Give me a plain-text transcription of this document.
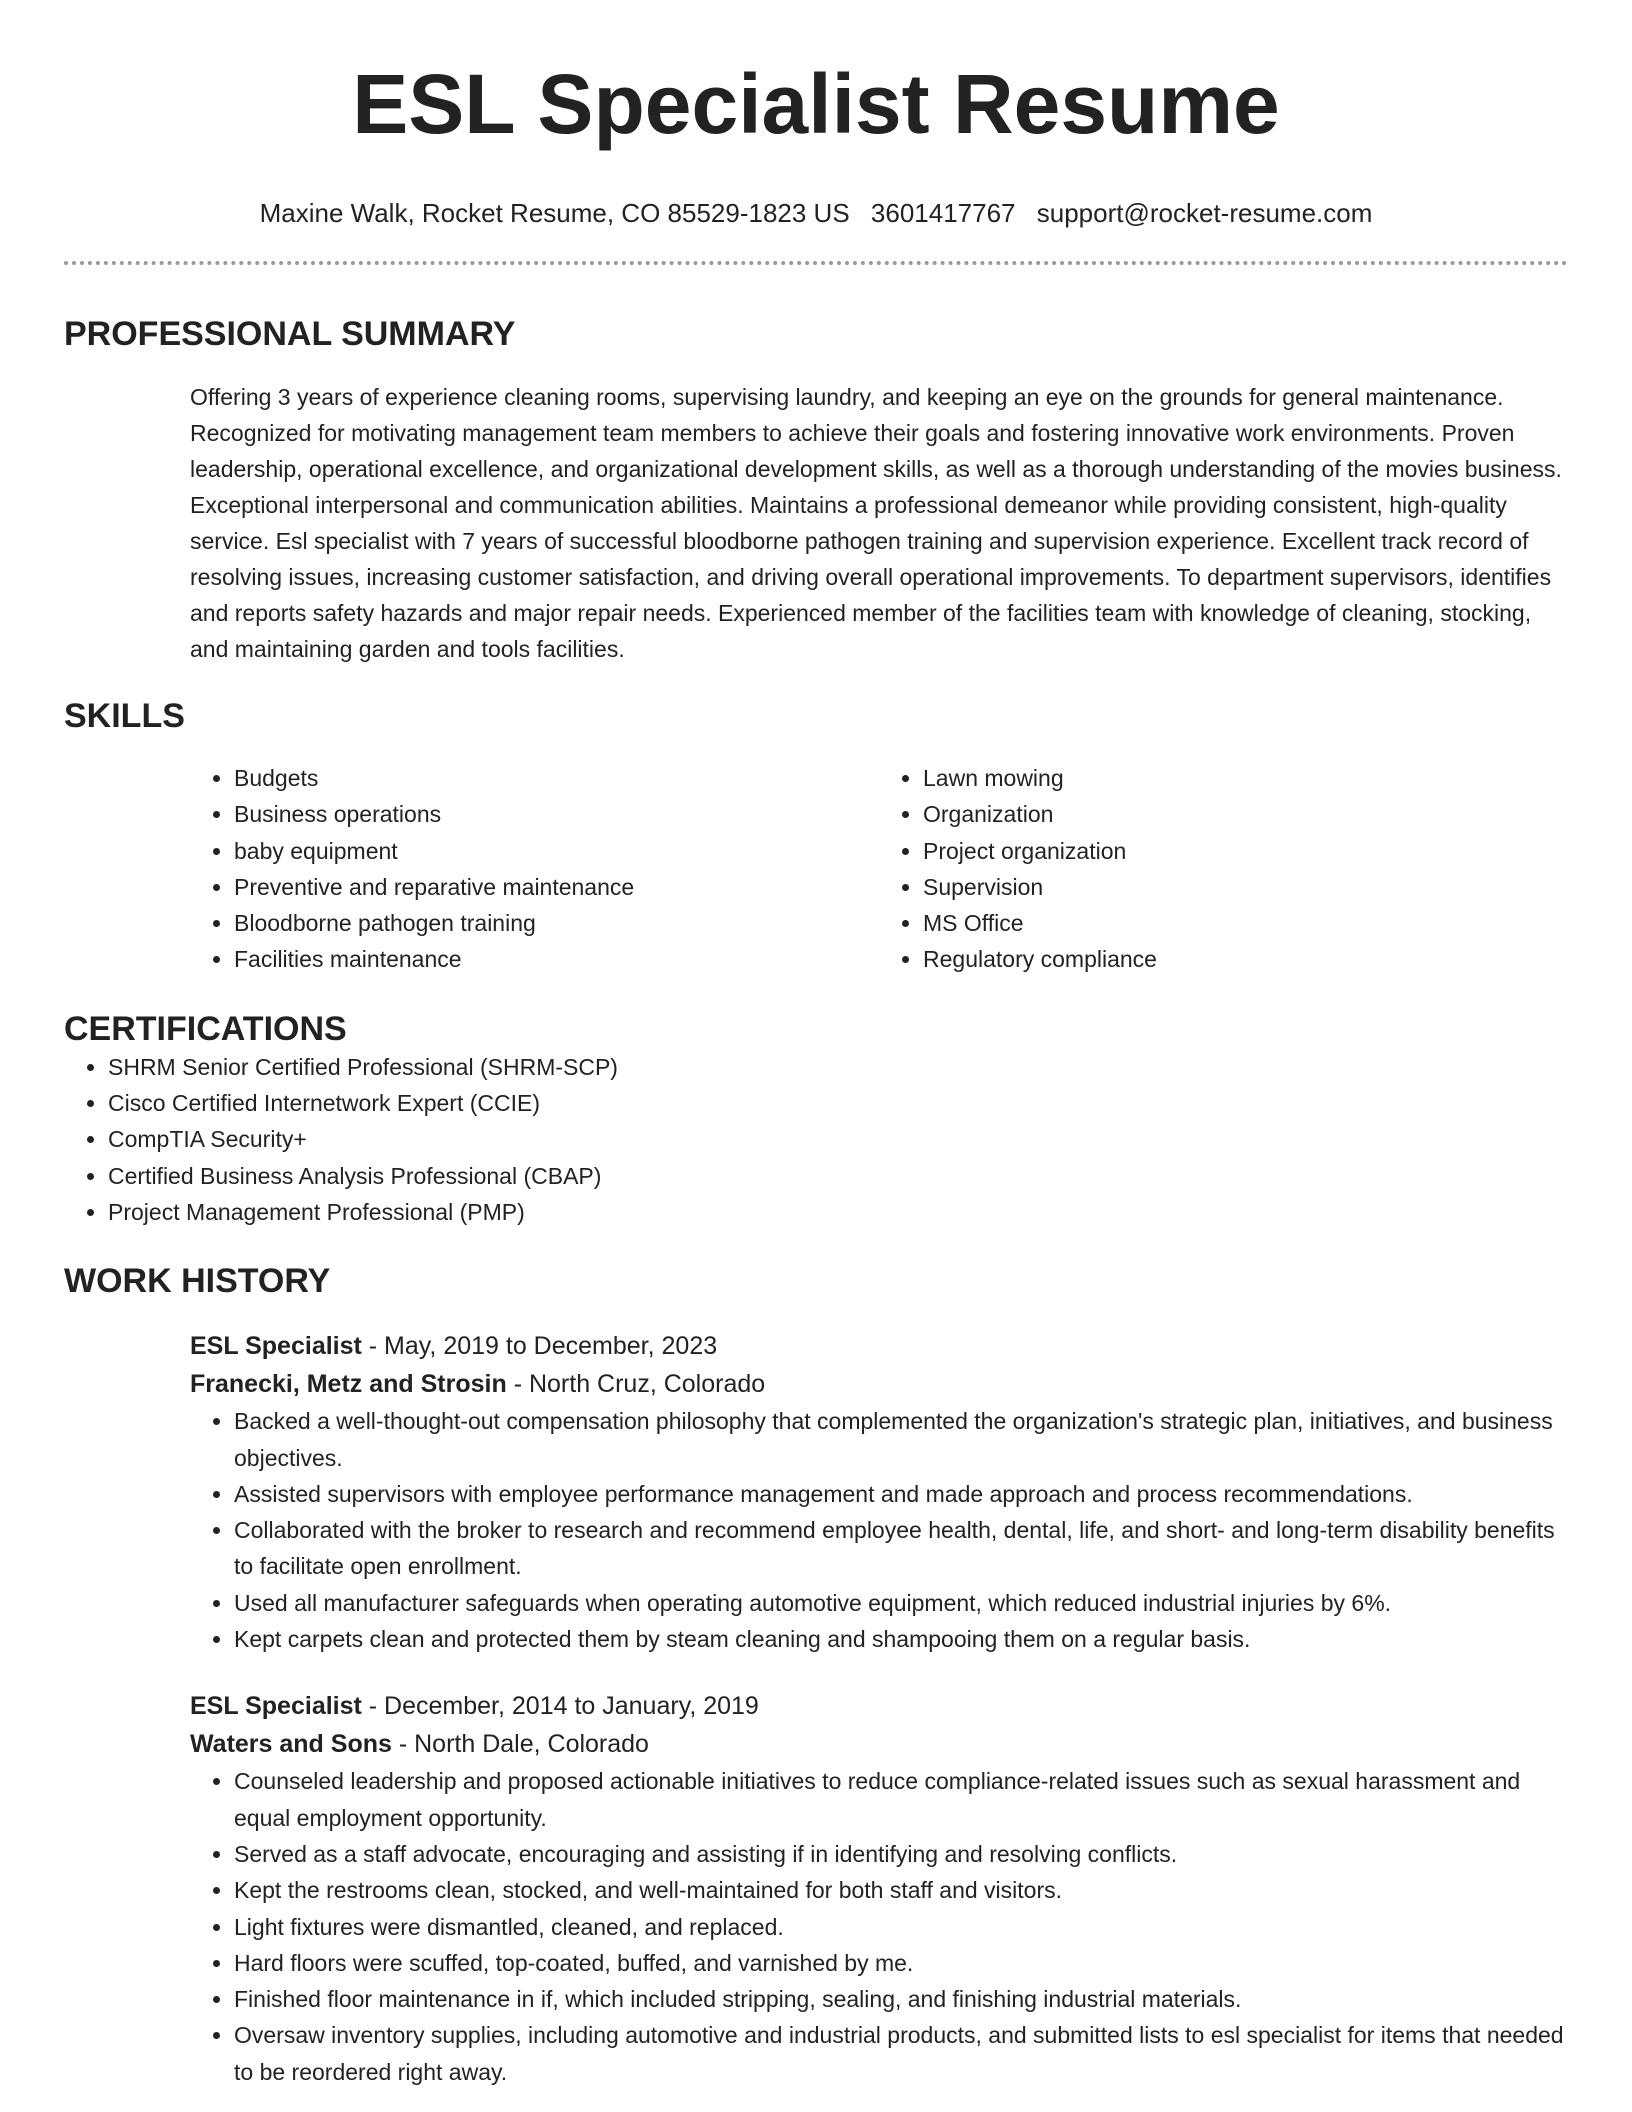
ESL Specialist Resume
Maxine Walk, Rocket Resume, CO 85529-1823 US 3601417767 support@rocket-resume.com
PROFESSIONAL SUMMARY

Offering 3 years of experience cleaning rooms, supervising laundry, and keeping an eye on the grounds for general maintenance. Recognized for motivating management team members to achieve their goals and fostering innovative work environments. Proven leadership, operational excellence, and organizational development skills, as well as a thorough understanding of the movies business. Exceptional interpersonal and communication abilities. Maintains a professional demeanor while providing consistent, high-quality service. Esl specialist with 7 years of successful bloodborne pathogen training and supervision experience. Excellent track record of resolving issues, increasing customer satisfaction, and driving overall operational improvements. To department supervisors, identifies and reports safety hazards and major repair needs. Experienced member of the facilities team with knowledge of cleaning, stocking, and maintaining garden and tools facilities.

SKILLS
• Budgets
• Business operations
• baby equipment
• Preventive and reparative maintenance
• Bloodborne pathogen training
• Facilities maintenance
• Lawn mowing
• Organization
• Project organization
• Supervision
• MS Office
• Regulatory compliance
CERTIFICATIONS
• SHRM Senior Certified Professional (SHRM-SCP)
• Cisco Certified Internetwork Expert (CCIE)
• CompTIA Security+
• Certified Business Analysis Professional (CBAP)
• Project Management Professional (PMP)
WORK HISTORY
ESL Specialist - May, 2019 to December, 2023
Franecki, Metz and Strosin - North Cruz, Colorado
• Backed a well-thought-out compensation philosophy that complemented the organization's strategic plan, initiatives, and business objectives.
• Assisted supervisors with employee performance management and made approach and process recommendations.
• Collaborated with the broker to research and recommend employee health, dental, life, and short- and long-term disability benefits to facilitate open enrollment.
• Used all manufacturer safeguards when operating automotive equipment, which reduced industrial injuries by 6%.
• Kept carpets clean and protected them by steam cleaning and shampooing them on a regular basis.
ESL Specialist - December, 2014 to January, 2019
Waters and Sons - North Dale, Colorado
• Counseled leadership and proposed actionable initiatives to reduce compliance-related issues such as sexual harassment and equal employment opportunity.
• Served as a staff advocate, encouraging and assisting if in identifying and resolving conflicts.
• Kept the restrooms clean, stocked, and well-maintained for both staff and visitors.
• Light fixtures were dismantled, cleaned, and replaced.
• Hard floors were scuffed, top-coated, buffed, and varnished by me.
• Finished floor maintenance in if, which included stripping, sealing, and finishing industrial materials.
• Oversaw inventory supplies, including automotive and industrial products, and submitted lists to esl specialist for items that needed to be reordered right away.
